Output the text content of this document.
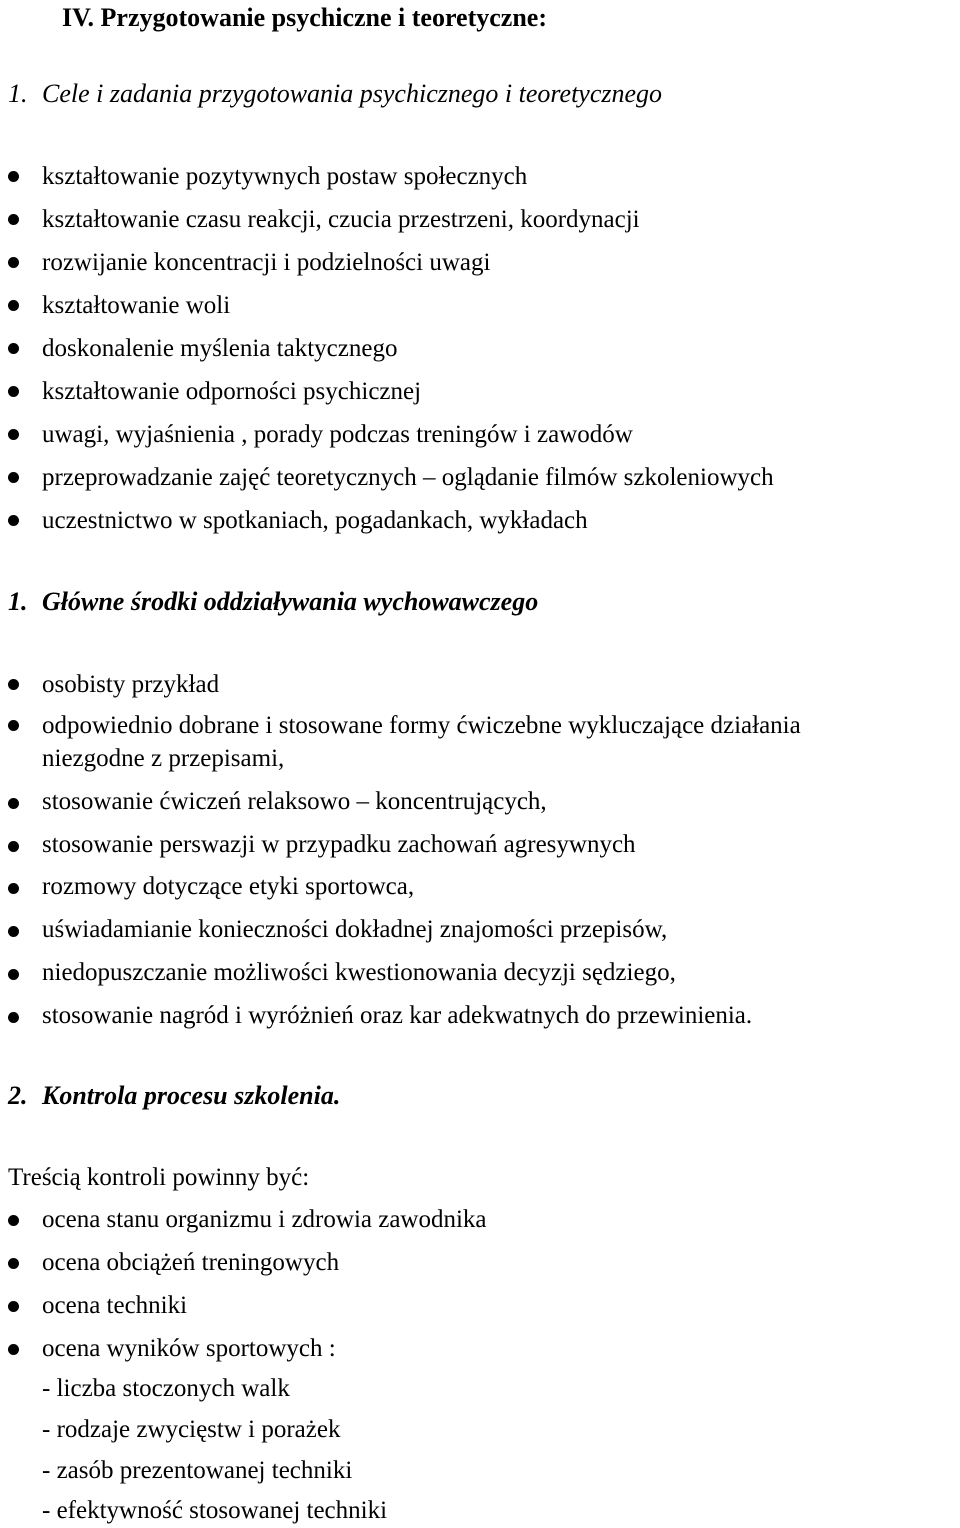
IV. Przygotowanie psychiczne i teoretyczne:
1. Cele i zadania przygotowania psychicznego i teoretycznego
kształtowanie pozytywnych postaw społecznych
kształtowanie czasu reakcji, czucia przestrzeni, koordynacji
rozwijanie koncentracji i podzielności uwagi
kształtowanie woli
doskonalenie myślenia taktycznego
kształtowanie odporności psychicznej
uwagi, wyjaśnienia , porady podczas treningów i zawodów
przeprowadzanie zajęć teoretycznych – oglądanie filmów szkoleniowych
uczestnictwo w spotkaniach, pogadankach, wykładach
1. Główne środki oddziaływania wychowawczego
osobisty przykład
odpowiednio dobrane i stosowane formy ćwiczebne wykluczające działania
niezgodne z przepisami,
stosowanie ćwiczeń relaksowo – koncentrujących,
stosowanie perswazji w przypadku zachowań agresywnych
rozmowy dotyczące etyki sportowca,
uświadamianie konieczności dokładnej znajomości przepisów,
niedopuszczanie możliwości kwestionowania decyzji sędziego,
stosowanie nagród i wyróżnień oraz kar adekwatnych do przewinienia.
2. Kontrola procesu szkolenia.
Treścią kontroli powinny być:
ocena stanu organizmu i zdrowia zawodnika
ocena obciążeń treningowych
ocena techniki
ocena wyników sportowych :
- liczba stoczonych walk
- rodzaje zwycięstw i porażek
- zasób prezentowanej techniki
- efektywność stosowanej techniki
